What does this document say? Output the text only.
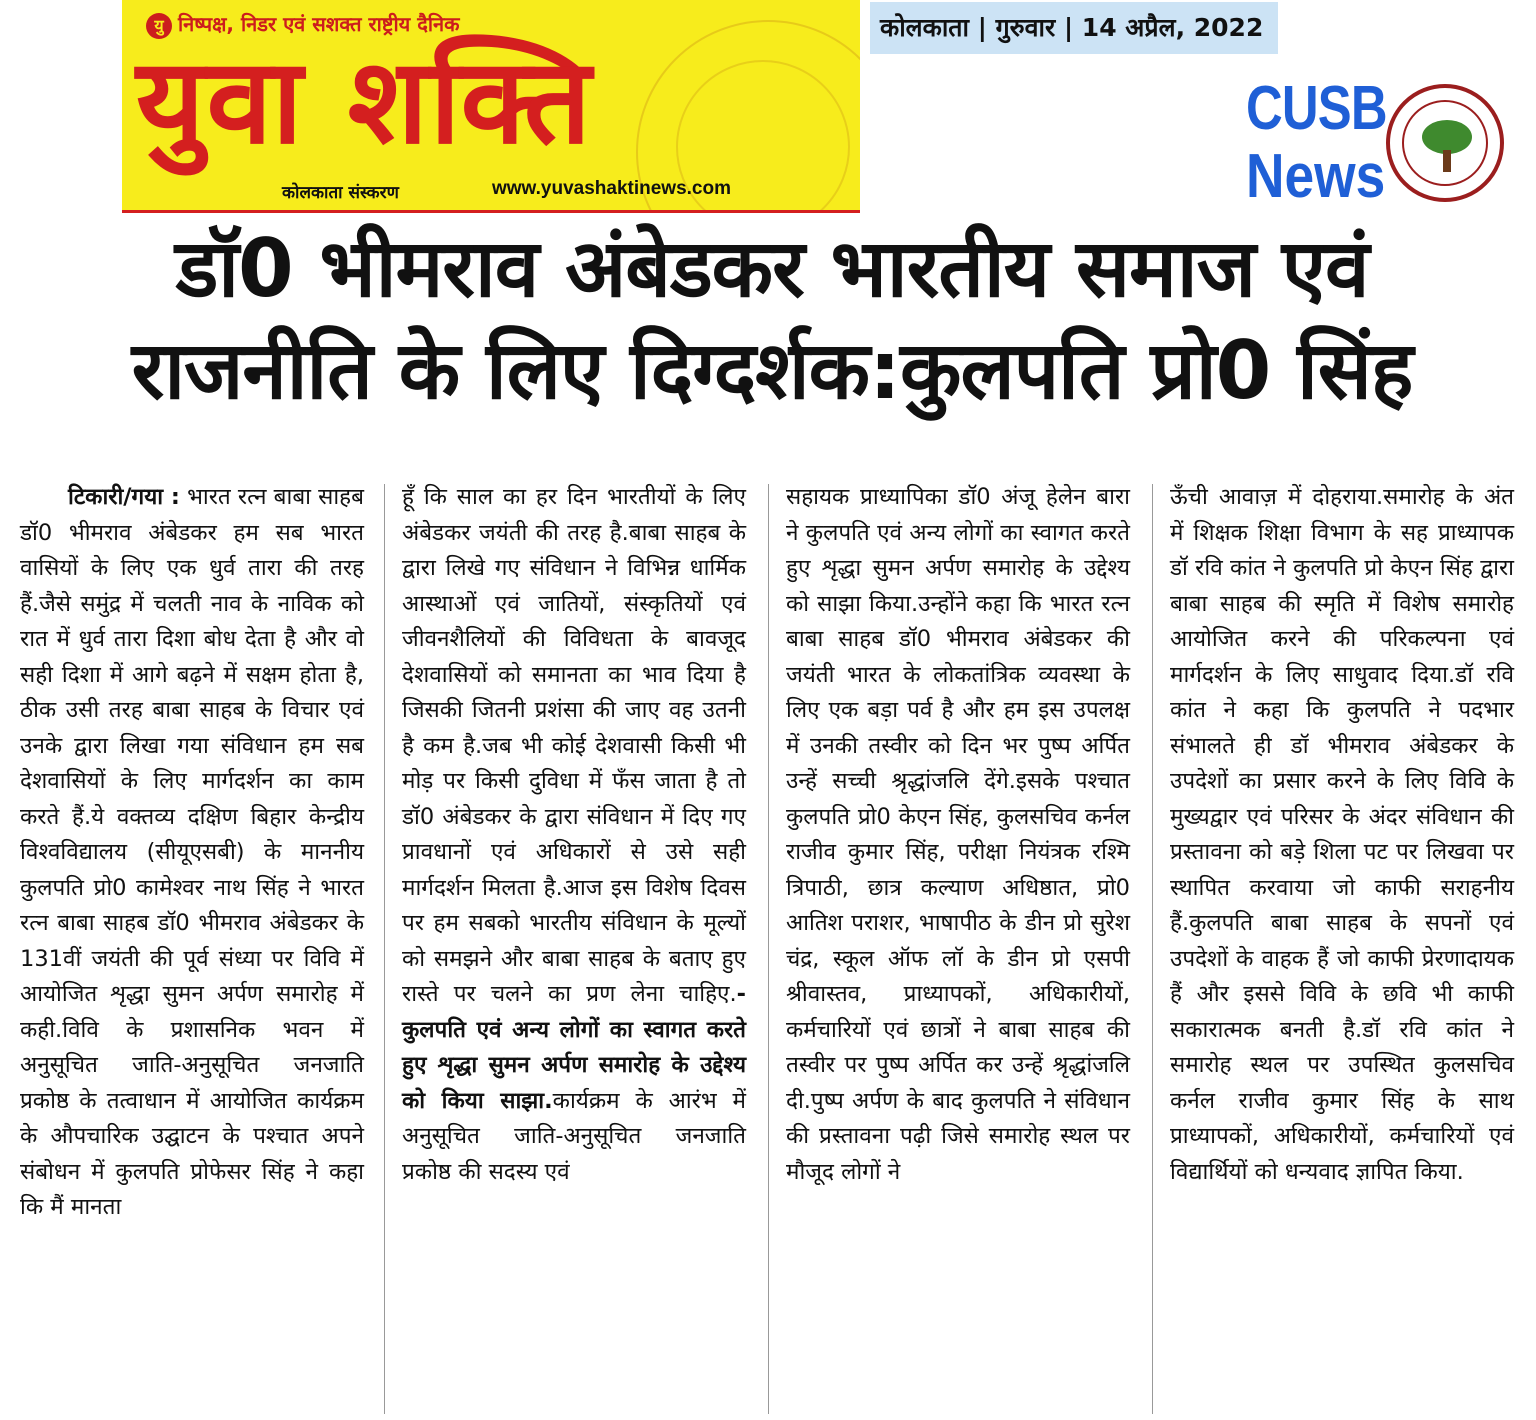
यु निष्पक्ष, निडर एवं सशक्त राष्ट्रीय दैनिक
युवा शक्ति
कोलकाता संस्करण	www.yuvashaktinews.com
कोलकाता | गुरुवार | 14 अप्रैल, 2022
CUSB
News
डॉ0 भीमराव अंबेडकर भारतीय समाज एवं
राजनीति के लिए दिग्दर्शक:कुलपति प्रो0 सिंह
टिकारी/गया : भारत रत्न बाबा साहब डॉ0 भीमराव अंबेडकर हम सब भारत वासियों के लिए एक धुर्व तारा की तरह हैं.जैसे समुंद्र में चलती नाव के नाविक को रात में धुर्व तारा दिशा बोध देता है और वो सही दिशा में आगे बढ़ने में सक्षम होता है, ठीक उसी तरह बाबा साहब के विचार एवं उनके द्वारा लिखा गया संविधान हम सब देशवासियों के लिए मार्गदर्शन का काम करते हैं.ये वक्तव्य दक्षिण बिहार केन्द्रीय विश्वविद्यालय (सीयूएसबी) के माननीय कुलपति प्रो0 कामेश्वर नाथ सिंह ने भारत रत्न बाबा साहब डॉ0 भीमराव अंबेडकर के 131वीं जयंती की पूर्व संध्या पर विवि में आयोजित शृद्धा सुमन अर्पण समारोह में कही.विवि के प्रशासनिक भवन में अनुसूचित जाति-अनुसूचित जनजाति प्रकोष्ठ के तत्वाधान में आयोजित कार्यक्रम के औपचारिक उद्घाटन के पश्चात अपने संबोधन में कुलपति प्रोफेसर सिंह ने कहा कि मैं मानता
हूँ कि साल का हर दिन भारतीयों के लिए अंबेडकर जयंती की तरह है.बाबा साहब के द्वारा लिखे गए संविधान ने विभिन्न धार्मिक आस्थाओं एवं जातियों, संस्कृतियों एवं जीवनशैलियों की विविधता के बावजूद देशवासियों को समानता का भाव दिया है जिसकी जितनी प्रशंसा की जाए वह उतनी है कम है.जब भी कोई देशवासी किसी भी मोड़ पर किसी दुविधा में फँस जाता है तो डॉ0 अंबेडकर के द्वारा संविधान में दिए गए प्रावधानों एवं अधिकारों से उसे सही मार्गदर्शन मिलता है.आज इस विशेष दिवस पर हम सबको भारतीय संविधान के मूल्यों को समझने और बाबा साहब के बताए हुए रास्ते पर चलने का प्रण लेना चाहिए.-कुलपति एवं अन्य लोगों का स्वागत करते हुए शृद्धा सुमन अर्पण समारोह के उद्देश्य को किया साझा.कार्यक्रम के आरंभ में अनुसूचित जाति-अनुसूचित जनजाति प्रकोष्ठ की सदस्य एवं
सहायक प्राध्यापिका डॉ0 अंजू हेलेन बारा ने कुलपति एवं अन्य लोगों का स्वागत करते हुए शृद्धा सुमन अर्पण समारोह के उद्देश्य को साझा किया.उन्होंने कहा कि भारत रत्न बाबा साहब डॉ0 भीमराव अंबेडकर की जयंती भारत के लोकतांत्रिक व्यवस्था के लिए एक बड़ा पर्व है और हम इस उपलक्ष में उनकी तस्वीर को दिन भर पुष्प अर्पित उन्हें सच्ची श्रृद्धांजलि देंगे.इसके पश्चात कुलपति प्रो0 केएन सिंह, कुलसचिव कर्नल राजीव कुमार सिंह, परीक्षा नियंत्रक रश्मि त्रिपाठी, छात्र कल्याण अधिष्ठात, प्रो0 आतिश पराशर, भाषापीठ के डीन प्रो सुरेश चंद्र, स्कूल ऑफ लॉ के डीन प्रो एसपी श्रीवास्तव, प्राध्यापकों, अधिकारीयों, कर्मचारियों एवं छात्रों ने बाबा साहब की तस्वीर पर पुष्प अर्पित कर उन्हें श्रृद्धांजलि दी.पुष्प अर्पण के बाद कुलपति ने संविधान की प्रस्तावना पढ़ी जिसे समारोह स्थल पर मौजूद लोगों ने
ऊँची आवाज़ में दोहराया.समारोह के अंत में शिक्षक शिक्षा विभाग के सह प्राध्यापक डॉ रवि कांत ने कुलपति प्रो केएन सिंह द्वारा बाबा साहब की स्मृति में विशेष समारोह आयोजित करने की परिकल्पना एवं मार्गदर्शन के लिए साधुवाद दिया.डॉ रवि कांत ने कहा कि कुलपति ने पदभार संभालते ही डॉ भीमराव अंबेडकर के उपदेशों का प्रसार करने के लिए विवि के मुख्यद्वार एवं परिसर के अंदर संविधान की प्रस्तावना को बड़े शिला पट पर लिखवा पर स्थापित करवाया जो काफी सराहनीय हैं.कुलपति बाबा साहब के सपनों एवं उपदेशों के वाहक हैं जो काफी प्रेरणादायक हैं और इससे विवि के छवि भी काफी सकारात्मक बनती है.डॉ रवि कांत ने समारोह स्थल पर उपस्थित कुलसचिव कर्नल राजीव कुमार सिंह के साथ प्राध्यापकों, अधिकारीयों, कर्मचारियों एवं विद्यार्थियों को धन्यवाद ज्ञापित किया.
